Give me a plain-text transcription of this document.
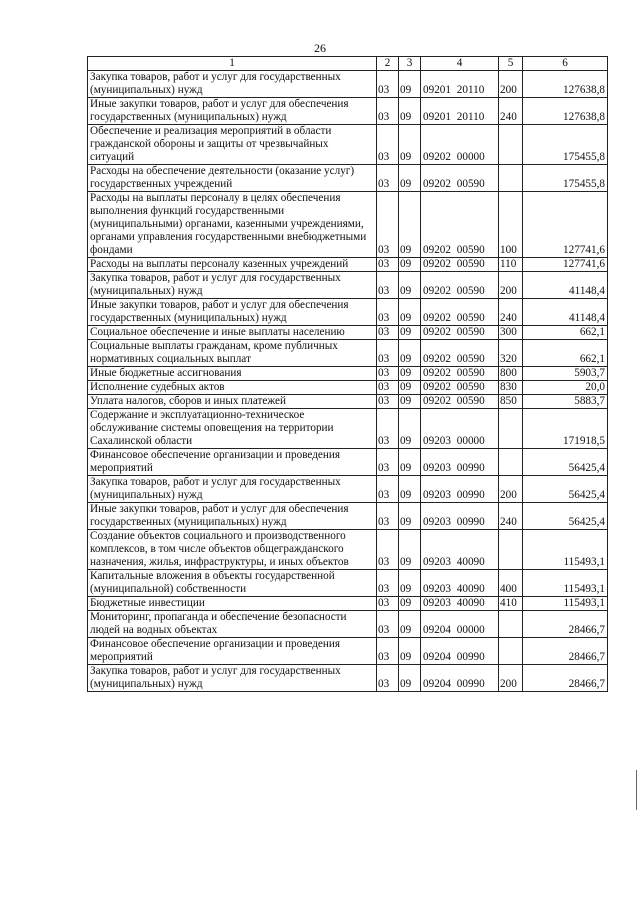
26
1	2	3	4	5	6
Закупка товаров, работ и услуг для государственных (муниципальных) нужд	03	09	09201 20110	200	127638,8
Иные закупки товаров, работ и услуг для обеспечения государственных (муниципальных) нужд	03	09	09201 20110	240	127638,8
Обеспечение и реализация мероприятий в области гражданской обороны и защиты от чрезвычайных ситуаций	03	09	09202 00000		175455,8
Расходы на обеспечение деятельности (оказание услуг) государственных учреждений	03	09	09202 00590		175455,8
Расходы на выплаты персоналу в целях обеспечения выполнения функций государственными (муниципальными) органами, казенными учреждениями, органами управления государственными внебюджетными фондами	03	09	09202 00590	100	127741,6
Расходы на выплаты персоналу казенных учреждений	03	09	09202 00590	110	127741,6
Закупка товаров, работ и услуг для государственных (муниципальных) нужд	03	09	09202 00590	200	41148,4
Иные закупки товаров, работ и услуг для обеспечения государственных (муниципальных) нужд	03	09	09202 00590	240	41148,4
Социальное обеспечение и иные выплаты населению	03	09	09202 00590	300	662,1
Социальные выплаты гражданам, кроме публичных нормативных социальных выплат	03	09	09202 00590	320	662,1
Иные бюджетные ассигнования	03	09	09202 00590	800	5903,7
Исполнение судебных актов	03	09	09202 00590	830	20,0
Уплата налогов, сборов и иных платежей	03	09	09202 00590	850	5883,7
Содержание и эксплуатационно-техническое обслуживание системы оповещения на территории Сахалинской области	03	09	09203 00000		171918,5
Финансовое обеспечение организации и проведения мероприятий	03	09	09203 00990		56425,4
Закупка товаров, работ и услуг для государственных (муниципальных) нужд	03	09	09203 00990	200	56425,4
Иные закупки товаров, работ и услуг для обеспечения государственных (муниципальных) нужд	03	09	09203 00990	240	56425,4
Создание объектов социального и производственного комплексов, в том числе объектов общегражданского назначения, жилья, инфраструктуры, и иных объектов	03	09	09203 40090		115493,1
Капитальные вложения в объекты государственной (муниципальной) собственности	03	09	09203 40090	400	115493,1
Бюджетные инвестиции	03	09	09203 40090	410	115493,1
Мониторинг, пропаганда и обеспечение безопасности людей на водных объектах	03	09	09204 00000		28466,7
Финансовое обеспечение организации и проведения мероприятий	03	09	09204 00990		28466,7
Закупка товаров, работ и услуг для государственных (муниципальных) нужд	03	09	09204 00990	200	28466,7
